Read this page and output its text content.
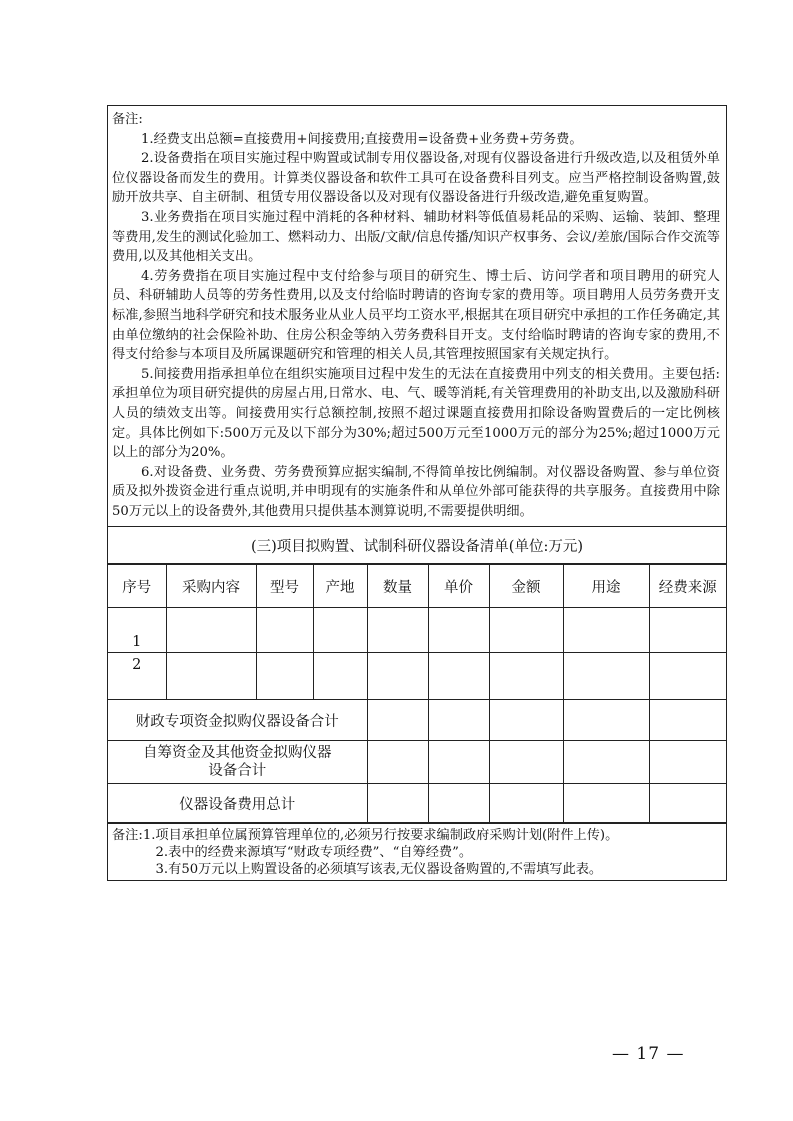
备注:

1.经费支出总额=直接费用+间接费用;直接费用=设备费+业务费+劳务费。

2.设备费指在项目实施过程中购置或试制专用仪器设备,对现有仪器设备进行升级改造,以及租赁外单位仪器设备而发生的费用。计算类仪器设备和软件工具可在设备费科目列支。应当严格控制设备购置,鼓励开放共享、自主研制、租赁专用仪器设备以及对现有仪器设备进行升级改造,避免重复购置。

3.业务费指在项目实施过程中消耗的各种材料、辅助材料等低值易耗品的采购、运输、装卸、整理等费用,发生的测试化验加工、燃料动力、出版/文献/信息传播/知识产权事务、会议/差旅/国际合作交流等费用,以及其他相关支出。

4.劳务费指在项目实施过程中支付给参与项目的研究生、博士后、访问学者和项目聘用的研究人员、科研辅助人员等的劳务性费用,以及支付给临时聘请的咨询专家的费用等。项目聘用人员劳务费开支标准,参照当地科学研究和技术服务业从业人员平均工资水平,根据其在项目研究中承担的工作任务确定,其由单位缴纳的社会保险补助、住房公积金等纳入劳务费科目开支。支付给临时聘请的咨询专家的费用,不得支付给参与本项目及所属课题研究和管理的相关人员,其管理按照国家有关规定执行。

5.间接费用指承担单位在组织实施项目过程中发生的无法在直接费用中列支的相关费用。主要包括:承担单位为项目研究提供的房屋占用,日常水、电、气、暖等消耗,有关管理费用的补助支出,以及激励科研人员的绩效支出等。间接费用实行总额控制,按照不超过课题直接费用扣除设备购置费后的一定比例核定。具体比例如下:500万元及以下部分为30%;超过500万元至1000万元的部分为25%;超过1000万元以上的部分为20%。

6.对设备费、业务费、劳务费预算应据实编制,不得简单按比例编制。对仪器设备购置、参与单位资质及拟外拨资金进行重点说明,并申明现有的实施条件和从单位外部可能获得的共享服务。直接费用中除50万元以上的设备费外,其他费用只提供基本测算说明,不需要提供明细。

(三)项目拟购置、试制科研仪器设备清单(单位:万元)
序号	采购内容	型号	产地	数量	单价	金额	用途	经费来源
1								
2								
财政专项资金拟购仪器设备合计								
自筹资金及其他资金拟购仪器
设备合计								
仪器设备费用总计								

备注:1.项目承担单位属预算管理单位的,必须另行按要求编制政府采购计划(附件上传)。

2.表中的经费来源填写“财政专项经费”、“自筹经费”。

3.有50万元以上购置设备的必须填写该表,无仪器设备购置的,不需填写此表。

— 17 —
